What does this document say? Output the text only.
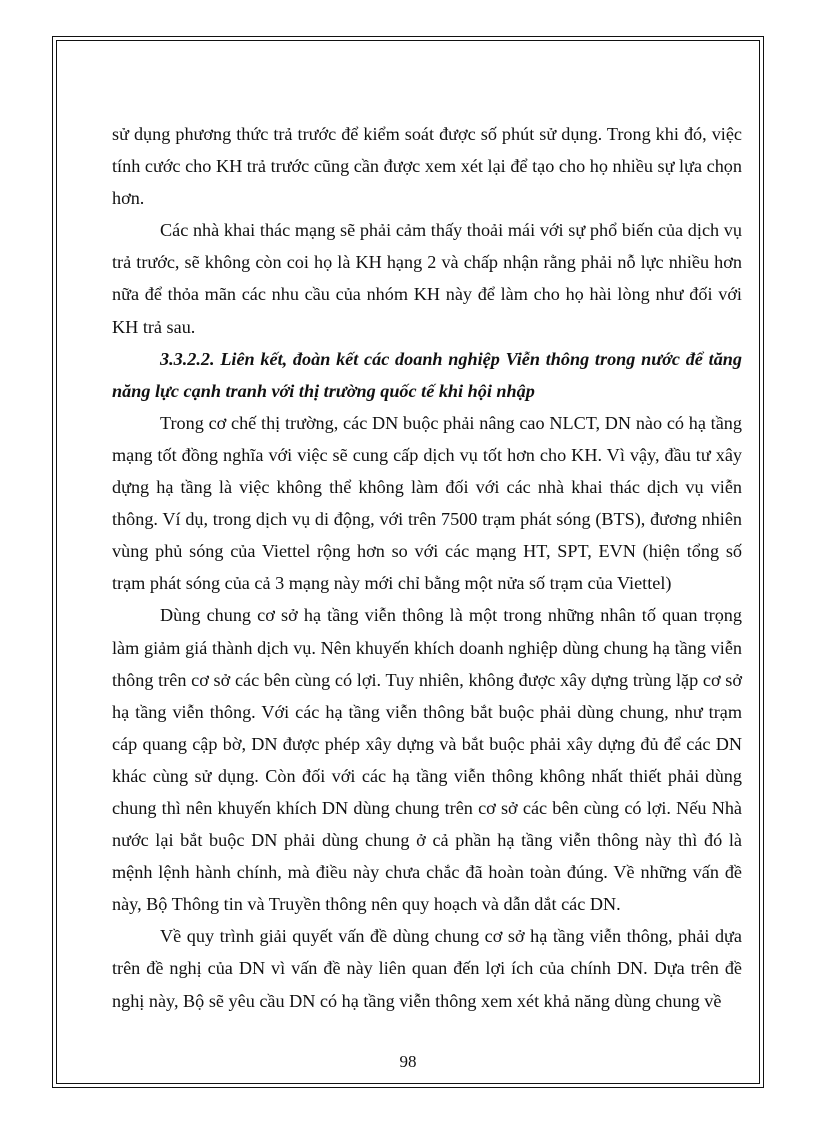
sử dụng phương thức trả trước để kiểm soát được số phút sử dụng. Trong khi đó, việc tính cước cho KH trả trước cũng cần được xem xét lại để tạo cho họ nhiều sự lựa chọn hơn.

Các nhà khai thác mạng sẽ phải cảm thấy thoải mái với sự phổ biến của dịch vụ trả trước, sẽ không còn coi họ là KH hạng 2 và chấp nhận rằng phải nỗ lực nhiều hơn nữa để thỏa mãn các nhu cầu của nhóm KH này để làm cho họ hài lòng như đối với KH trả sau.

3.3.2.2. Liên kết, đoàn kết các doanh nghiệp Viễn thông trong nước để tăng năng lực cạnh tranh với thị trường quốc tế khi hội nhập

Trong cơ chế thị trường, các DN buộc phải nâng cao NLCT, DN nào có hạ tầng mạng tốt đồng nghĩa với việc sẽ cung cấp dịch vụ tốt hơn cho KH. Vì vậy, đầu tư xây dựng hạ tầng là việc không thể không làm đối với các nhà khai thác dịch vụ viễn thông. Ví dụ, trong dịch vụ di động, với trên 7500 trạm phát sóng (BTS), đương nhiên vùng phủ sóng của Viettel rộng hơn so với các mạng HT, SPT, EVN (hiện tổng số trạm phát sóng của cả 3 mạng này mới chỉ bằng một nửa số trạm của Viettel)

Dùng chung cơ sở hạ tầng viễn thông là một trong những nhân tố quan trọng làm giảm giá thành dịch vụ. Nên khuyến khích doanh nghiệp dùng chung hạ tầng viễn thông trên cơ sở các bên cùng có lợi. Tuy nhiên, không được xây dựng trùng lặp cơ sở hạ tầng viễn thông. Với các hạ tầng viễn thông bắt buộc phải dùng chung, như trạm cáp quang cập bờ, DN được phép xây dựng và bắt buộc phải xây dựng đủ để các DN khác cùng sử dụng. Còn đối với các hạ tầng viễn thông không nhất thiết phải dùng chung thì nên khuyến khích DN dùng chung trên cơ sở các bên cùng có lợi. Nếu Nhà nước lại bắt buộc DN phải dùng chung ở cả phần hạ tầng viễn thông này thì đó là mệnh lệnh hành chính, mà điều này chưa chắc đã hoàn toàn đúng. Về những vấn đề này, Bộ Thông tin và Truyền thông nên quy hoạch và dẫn dắt các DN.

Về quy trình giải quyết vấn đề dùng chung cơ sở hạ tầng viễn thông, phải dựa trên đề nghị của DN vì vấn đề này liên quan đến lợi ích của chính DN. Dựa trên đề nghị này, Bộ sẽ yêu cầu DN có hạ tầng viễn thông xem xét khả năng dùng chung về

98
